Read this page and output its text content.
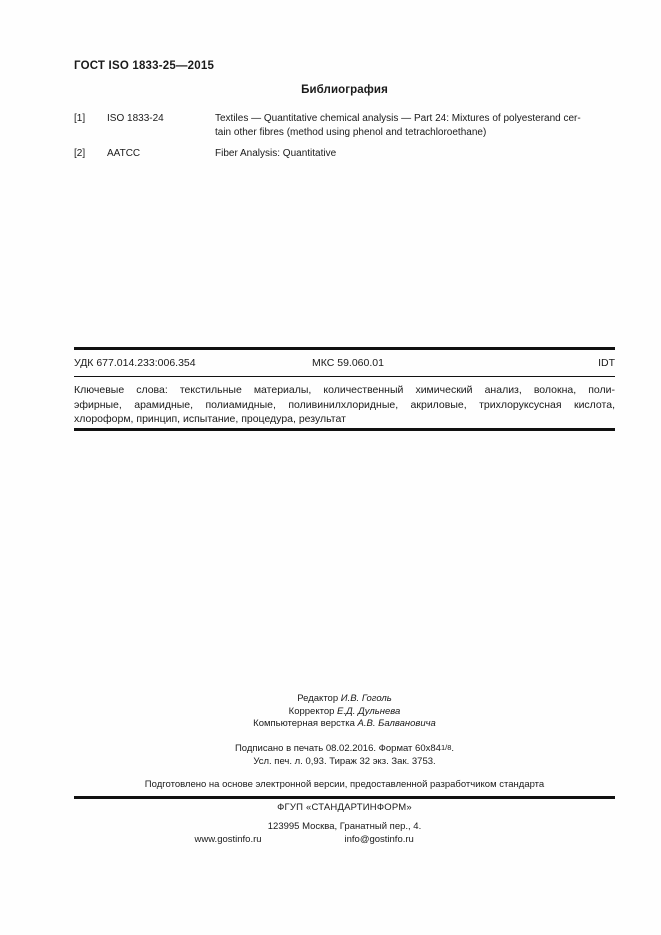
ГОСТ ISO 1833-25—2015
Библиография
[1]	ISO 1833-24	Textiles — Quantitative chemical analysis — Part 24: Mixtures of polyesterand cer-
tain other fibres (method using phenol and tetrachloroethane)
[2]	AATCC	Fiber Analysis: Quantitative
УДК 677.014.233:006.354	МКС 59.060.01	IDT
Ключевые слова: текстильные материалы, количественный химический анализ, волокна, поли-
эфирные, арамидные, полиамидные, поливинилхлоридные, акриловые, трихлоруксусная кислота,
хлороформ, принцип, испытание, процедура, результат
Редактор И.В. Гоголь
Корректор Е.Д. Дульнева
Компьютерная верстка А.В. Балвановича
Подписано в печать 08.02.2016. Формат 60x841/8.
Усл. печ. л. 0,93. Тираж 32 экз. Зак. 3753.
Подготовлено на основе электронной версии, предоставленной разработчиком стандарта
ФГУП «СТАНДАРТИНФОРМ»
123995 Москва, Гранатный пер., 4.
www.gostinfo.ru	info@gostinfo.ru
